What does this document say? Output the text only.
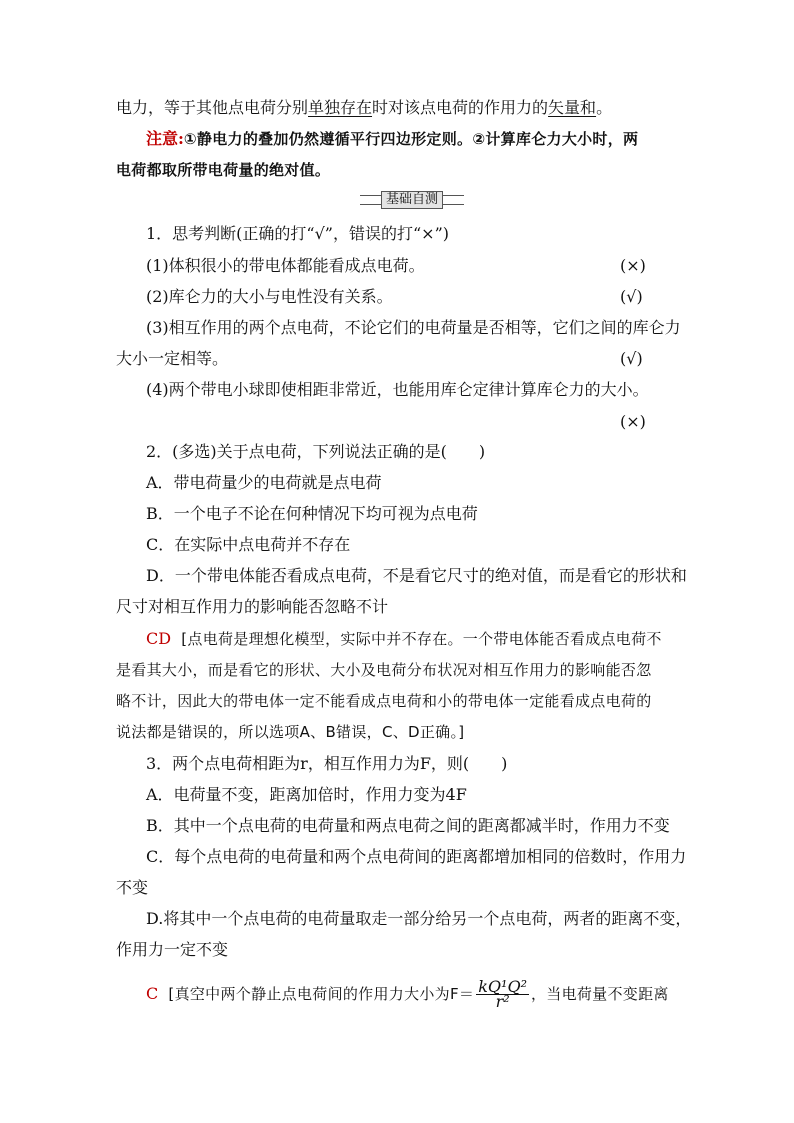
电力，等于其他点电荷分别单独存在时对该点电荷的作用力的矢量和。
注意:①静电力的叠加仍然遵循平行四边形定则。②计算库仑力大小时，两
电荷都取所带电荷量的绝对值。
基础自测
1．思考判断(正确的打“√”，错误的打“×”)
(1)体积很小的带电体都能看成点电荷。	(×)
(2)库仑力的大小与电性没有关系。	(√)
(3)相互作用的两个点电荷，不论它们的电荷量是否相等，它们之间的库仑力
大小一定相等。	(√)
(4)两个带电小球即使相距非常近，也能用库仑定律计算库仑力的大小。
(×)
2．(多选)关于点电荷，下列说法正确的是(　　)
A．带电荷量少的电荷就是点电荷
B．一个电子不论在何种情况下均可视为点电荷
C．在实际中点电荷并不存在
D．一个带电体能否看成点电荷，不是看它尺寸的绝对值，而是看它的形状和
尺寸对相互作用力的影响能否忽略不计
CD [点电荷是理想化模型，实际中并不存在。一个带电体能否看成点电荷不
是看其大小，而是看它的形状、大小及电荷分布状况对相互作用力的影响能否忽
略不计，因此大的带电体一定不能看成点电荷和小的带电体一定能看成点电荷的
说法都是错误的，所以选项A、B错误，C、D正确。]
3．两个点电荷相距为r，相互作用力为F，则(　　)
A．电荷量不变，距离加倍时，作用力变为4F
B．其中一个点电荷的电荷量和两点电荷之间的距离都减半时，作用力不变
C．每个点电荷的电荷量和两个点电荷间的距离都增加相同的倍数时，作用力
不变
D.将其中一个点电荷的电荷量取走一部分给另一个点电荷，两者的距离不变，
作用力一定不变
C [真空中两个静止点电荷间的作用力大小为$F= \frac{\text{kQ¹Q²}}{\text{r²}}$ ，当电荷量不变距离
